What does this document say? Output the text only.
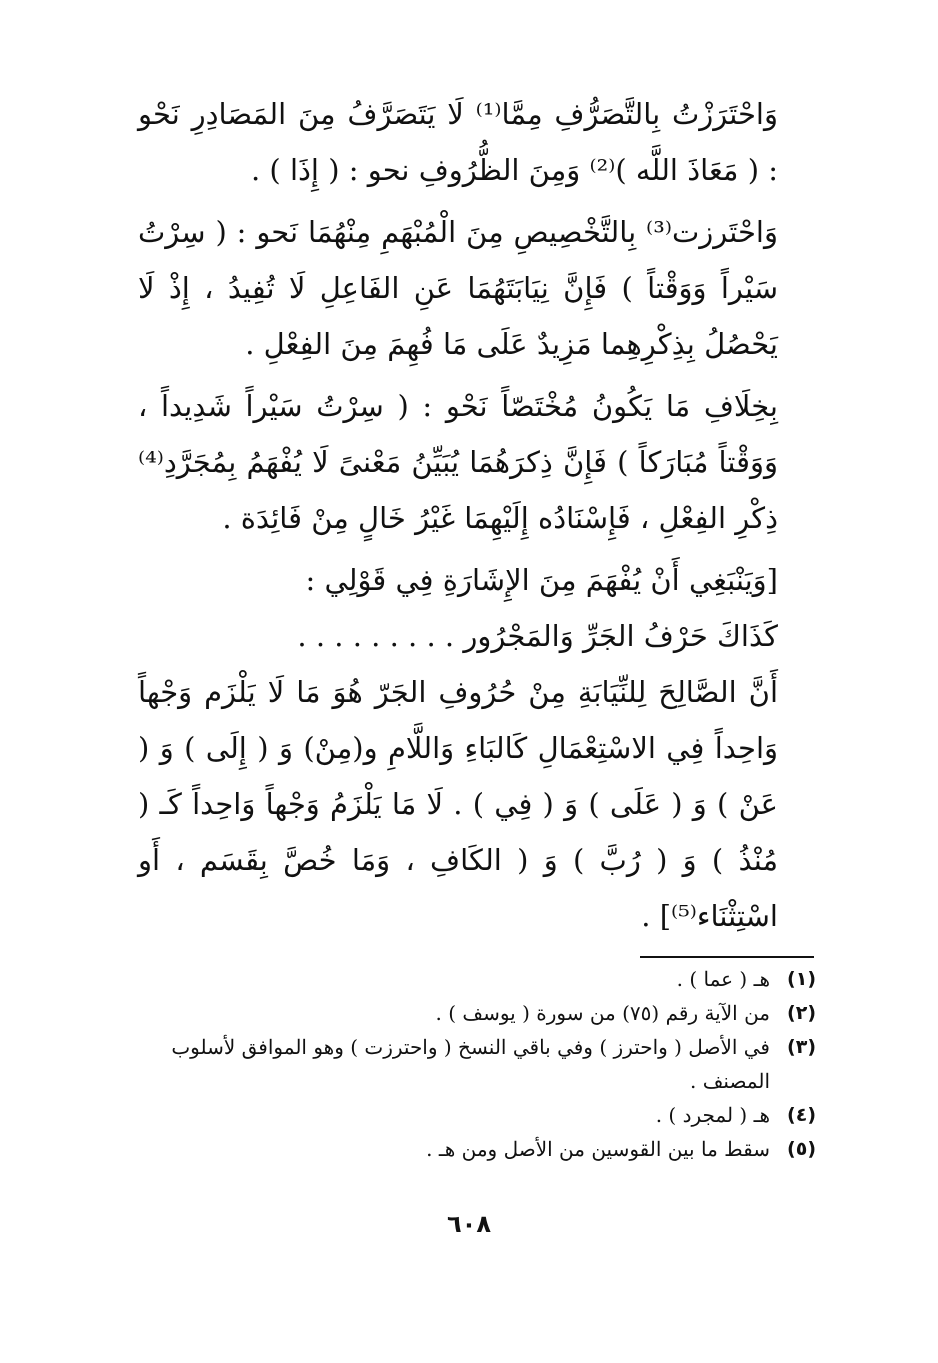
وَاحْتَرَزْتُ بِالتَّصَرُّفِ مِمَّا⁽¹⁾ لَا يَتَصَرَّفُ مِنَ المَصَادِرِ نَحْو : ( مَعَاذَ اللَّه )⁽²⁾ وَمِنَ الظُّرُوفِ نحو : ( إِذَا ) .

وَاحْتَرزت⁽³⁾ بِالتَّخْصِيصِ مِنَ الْمُبْهَمِ مِنْهُمَا نَحو : ( سِرْتُ سَيْراً وَوَقْتاً ) فَإِنَّ نِيَابَتَهُمَا عَنِ الفَاعِلِ لَا تُفِيدُ ، إِذْ لَا يَحْصُلُ بِذِكْرِهِما مَزِيدٌ عَلَى مَا فُهِمَ مِنَ الفِعْلِ .

بِخِلَافِ مَا يَكُونُ مُخْتَصّاً نَحْو : ( سِرْتُ سَيْراً شَدِيداً ، وَوَقْتاً مُبَارَكاً ) فَإِنَّ ذِكرَهُمَا يُبَيِّنُ مَعْنىً لَا يُفْهَمُ بِمُجَرَّدِ⁽⁴⁾ ذِكْرِ الفِعْلِ ، فَإِسْنَادُه إِلَيْهِمَا غَيْرُ خَالٍ مِنْ فَائِدَة .

[وَيَنْبَغِي أَنْ يُفْهَمَ مِنَ الإِشَارَةِ فِي قَوْلِي :

كَذَاكَ حَرْفُ الجَرِّ وَالمَجْرُور . . . . . . . . .

أَنَّ الصَّالِحَ لِلنِّيَابَةِ مِنْ حُرُوفِ الجَرّ هُوَ مَا لَا يَلْزَم وَجْهاً وَاحِداً فِي الاسْتِعْمَالِ كَالبَاءِ وَاللَّامِ و(مِنْ) وَ ( إِلَى ) وَ ( عَنْ ) وَ ( عَلَى ) وَ ( فِي ) . لَا مَا يَلْزَمُ وَجْهاً وَاحِداً كَـ ( مُنْذُ ) وَ ( رُبَّ ) وَ ( الكَافِ ، وَمَا خُصَّ بِقَسَم ، أَو اسْتِثْنَاء⁽⁵⁾] .

(١)
هـ ( عما ) .
(٢)
من الآية رقم (٧٥) من سورة ( يوسف ) .
(٣)
في الأصل ( واحترز ) وفي باقي النسخ ( واحترزت ) وهو الموافق لأسلوب المصنف .
(٤)
هـ ( لمجرد ) .
(٥)
سقط ما بين القوسين من الأصل ومن هـ .
٦٠٨
